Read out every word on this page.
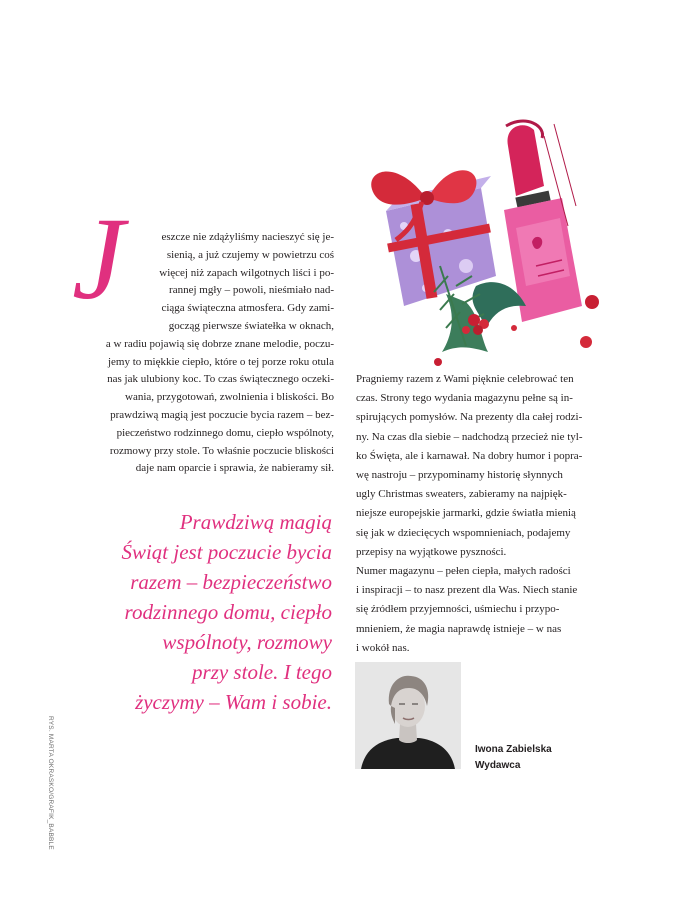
J	eszcze nie zdążyliśmy nacieszyć się je-
sienią, a już czujemy w powietrzu coś
więcej niż zapach wilgotnych liści i po-
rannej mgły – powoli, nieśmiało nad-
ciąga świąteczna atmosfera. Gdy zami-
gocząg pierwsze światełka w oknach,
a w radiu pojawią się dobrze znane melodie, poczu-
jemy to miękkie ciepło, które o tej porze roku otula
nas jak ulubiony koc. To czas świątecznego oczeki-
wania, przygotowań, zwolnienia i bliskości. Bo
prawdziwą magią jest poczucie bycia razem – bez-
pieczeństwo rodzinnego domu, ciepło wspólnoty,
rozmowy przy stole. To właśnie poczucie bliskości
daje nam oparcie i sprawia, że nabieramy sił.
Prawdziwą magią
Świąt jest poczucie bycia
razem – bezpieczeństwo
rodzinnego domu, ciepło
wspólnoty, rozmowy
przy stole. I tego
życzymy – Wam i sobie.
Pragniemy razem z Wami pięknie celebrować ten
czas. Strony tego wydania magazynu pełne są in-
spirujących pomysłów. Na prezenty dla całej rodzi-
ny. Na czas dla siebie – nadchodzą przecież nie tyl-
ko Święta, ale i karnawał. Na dobry humor i popra-
wę nastroju – przypominamy historię słynnych
ugly Christmas sweaters, zabieramy na najpięk-
niejsze europejskie jarmarki, gdzie światła mienią
się jak w dziecięcych wspomnieniach, podajemy
przepisy na wyjątkowe pyszności.
Numer magazynu – pełen ciepła, małych radości
i inspiracji – to nasz prezent dla Was. Niech stanie
się źródłem przyjemności, uśmiechu i przypo-
mnieniem, że magia naprawdę istnieje – w nas
i wokół nas.
Iwona Zabielska
Wydawca
RYS. MARTA OKRASKO/GRAFIK_BABBLE
